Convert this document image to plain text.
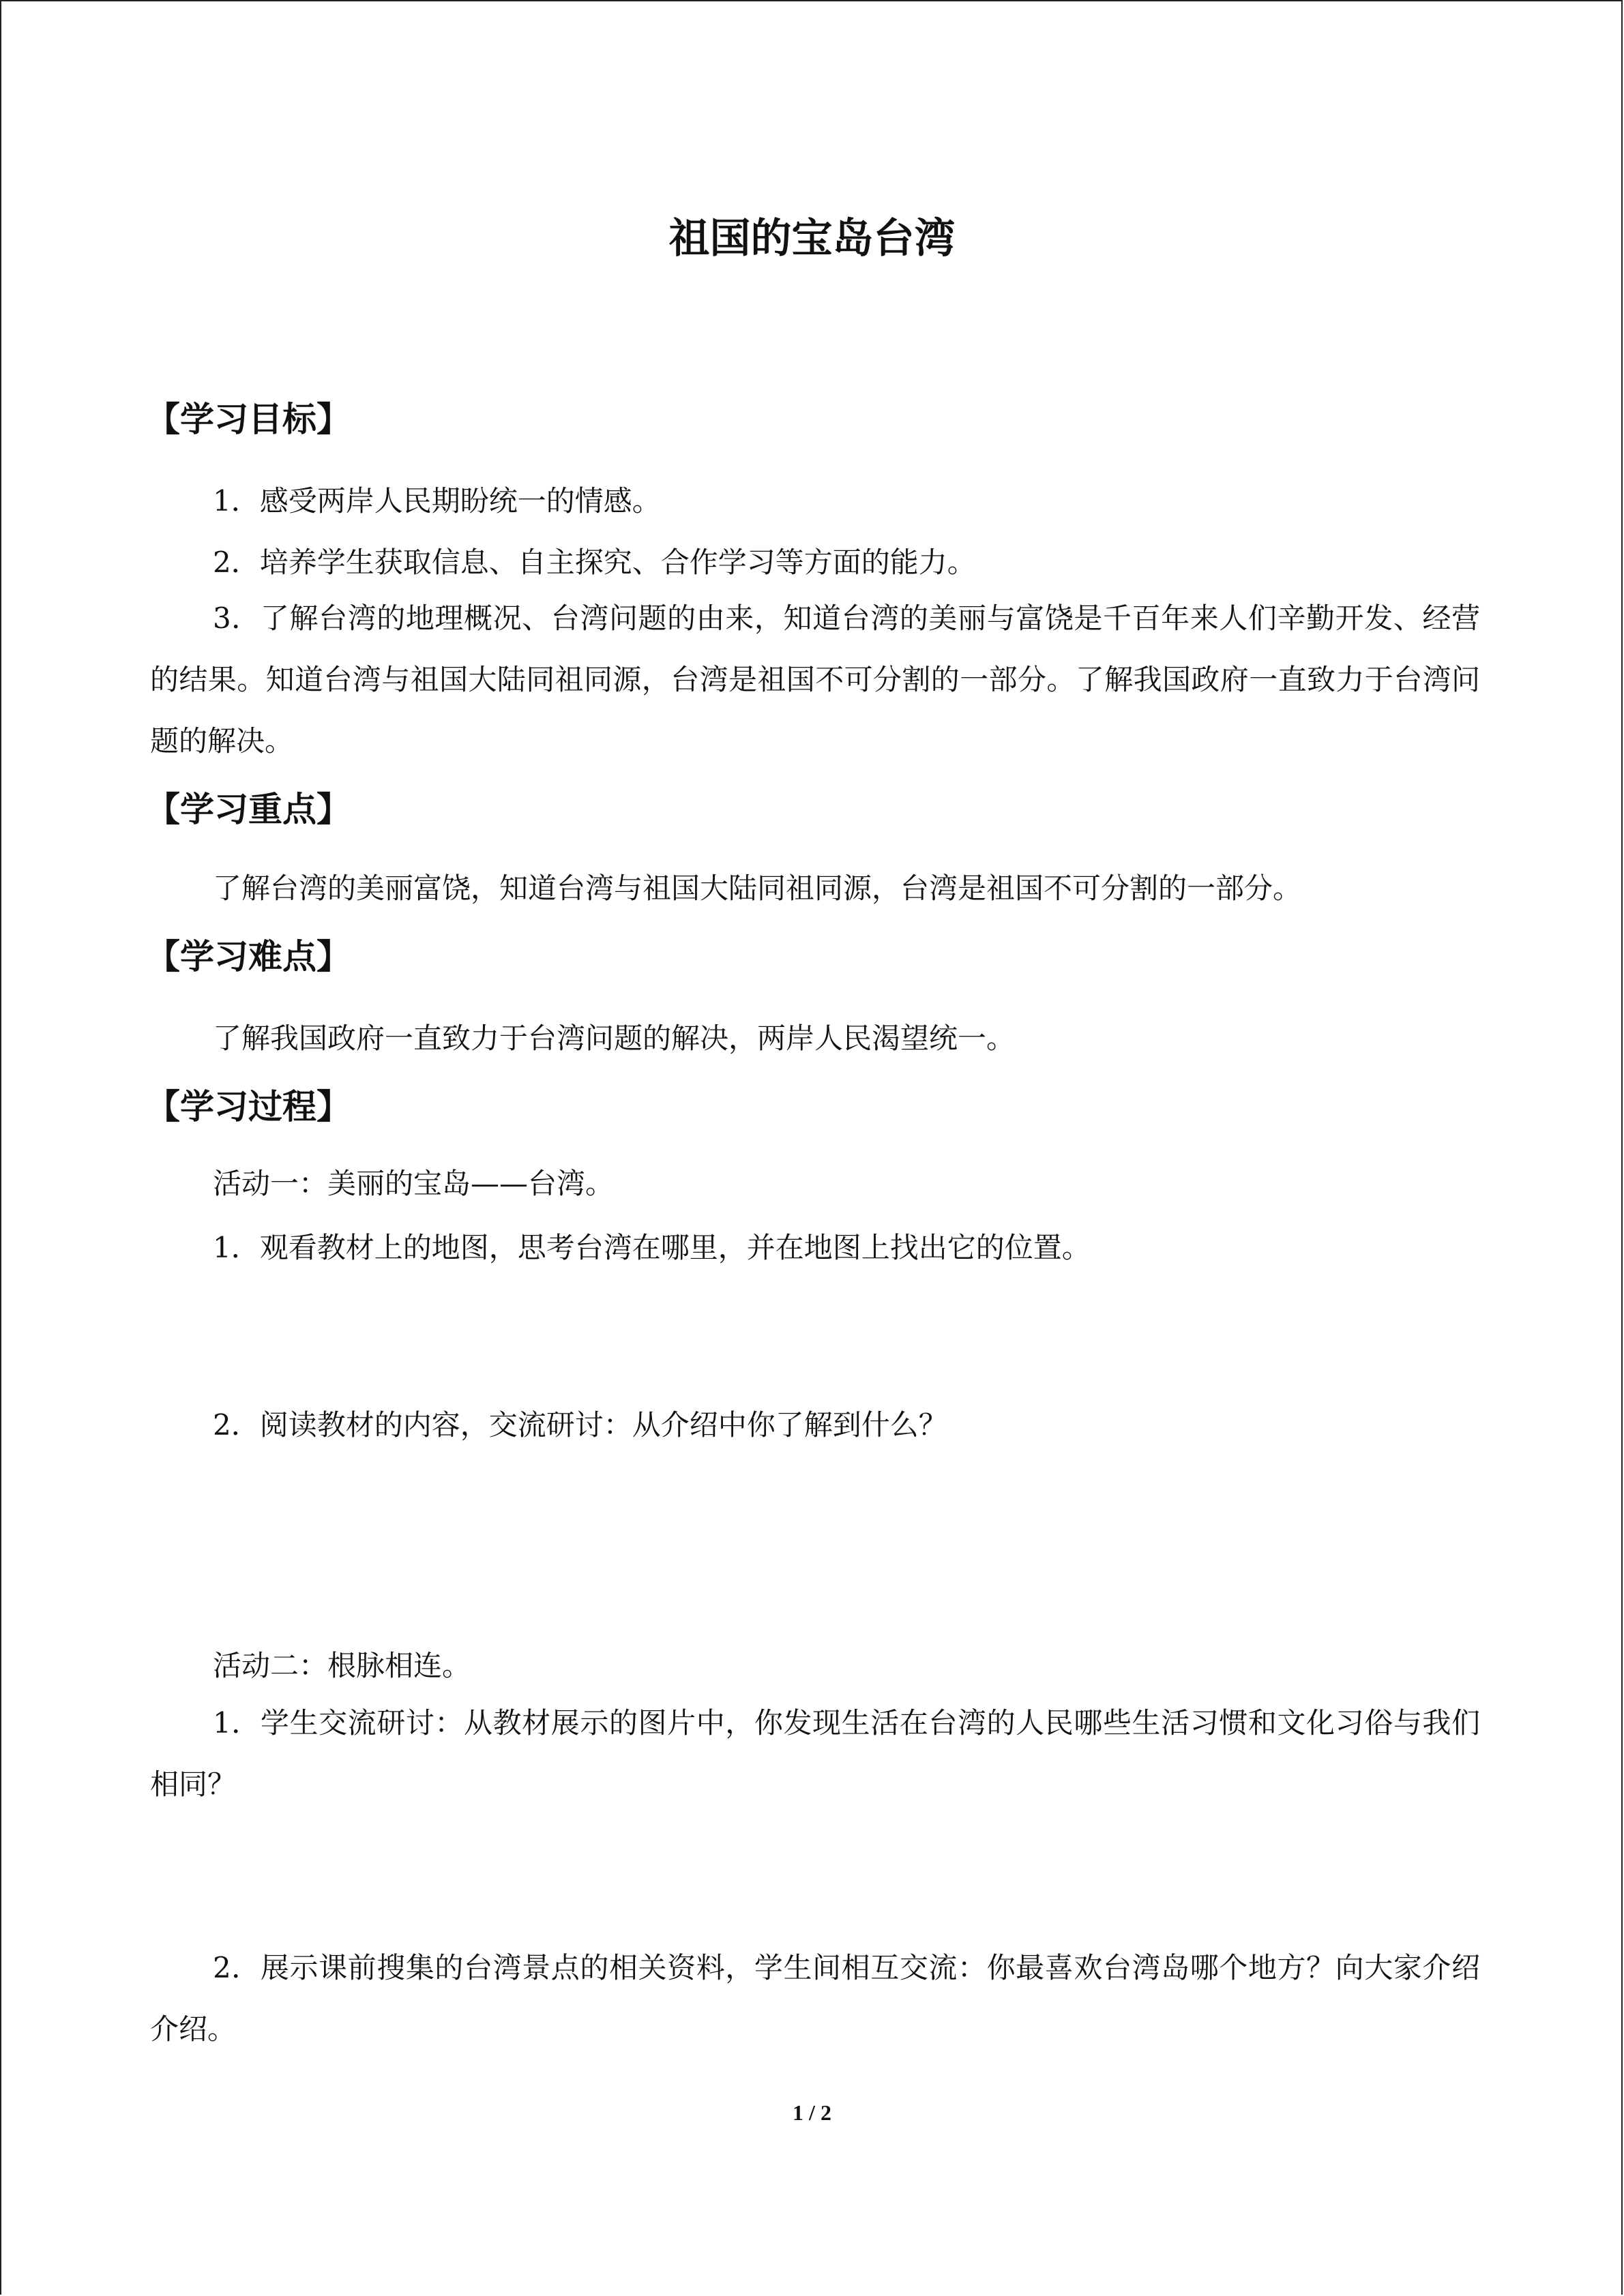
祖国的宝岛台湾
【学习目标】
1．感受两岸人民期盼统一的情感。
2．培养学生获取信息、自主探究、合作学习等方面的能力。
3．了解台湾的地理概况、台湾问题的由来，知道台湾的美丽与富饶是千百年来人们辛勤开发、经营的结果。知道台湾与祖国大陆同祖同源，台湾是祖国不可分割的一部分。了解我国政府一直致力于台湾问题的解决。
【学习重点】
了解台湾的美丽富饶，知道台湾与祖国大陆同祖同源，台湾是祖国不可分割的一部分。
【学习难点】
了解我国政府一直致力于台湾问题的解决，两岸人民渴望统一。
【学习过程】
活动一：美丽的宝岛——台湾。
1．观看教材上的地图，思考台湾在哪里，并在地图上找出它的位置。
2．阅读教材的内容，交流研讨：从介绍中你了解到什么？
活动二：根脉相连。
1．学生交流研讨：从教材展示的图片中，你发现生活在台湾的人民哪些生活习惯和文化习俗与我们相同？
2．展示课前搜集的台湾景点的相关资料，学生间相互交流：你最喜欢台湾岛哪个地方？向大家介绍介绍。
1 / 2
